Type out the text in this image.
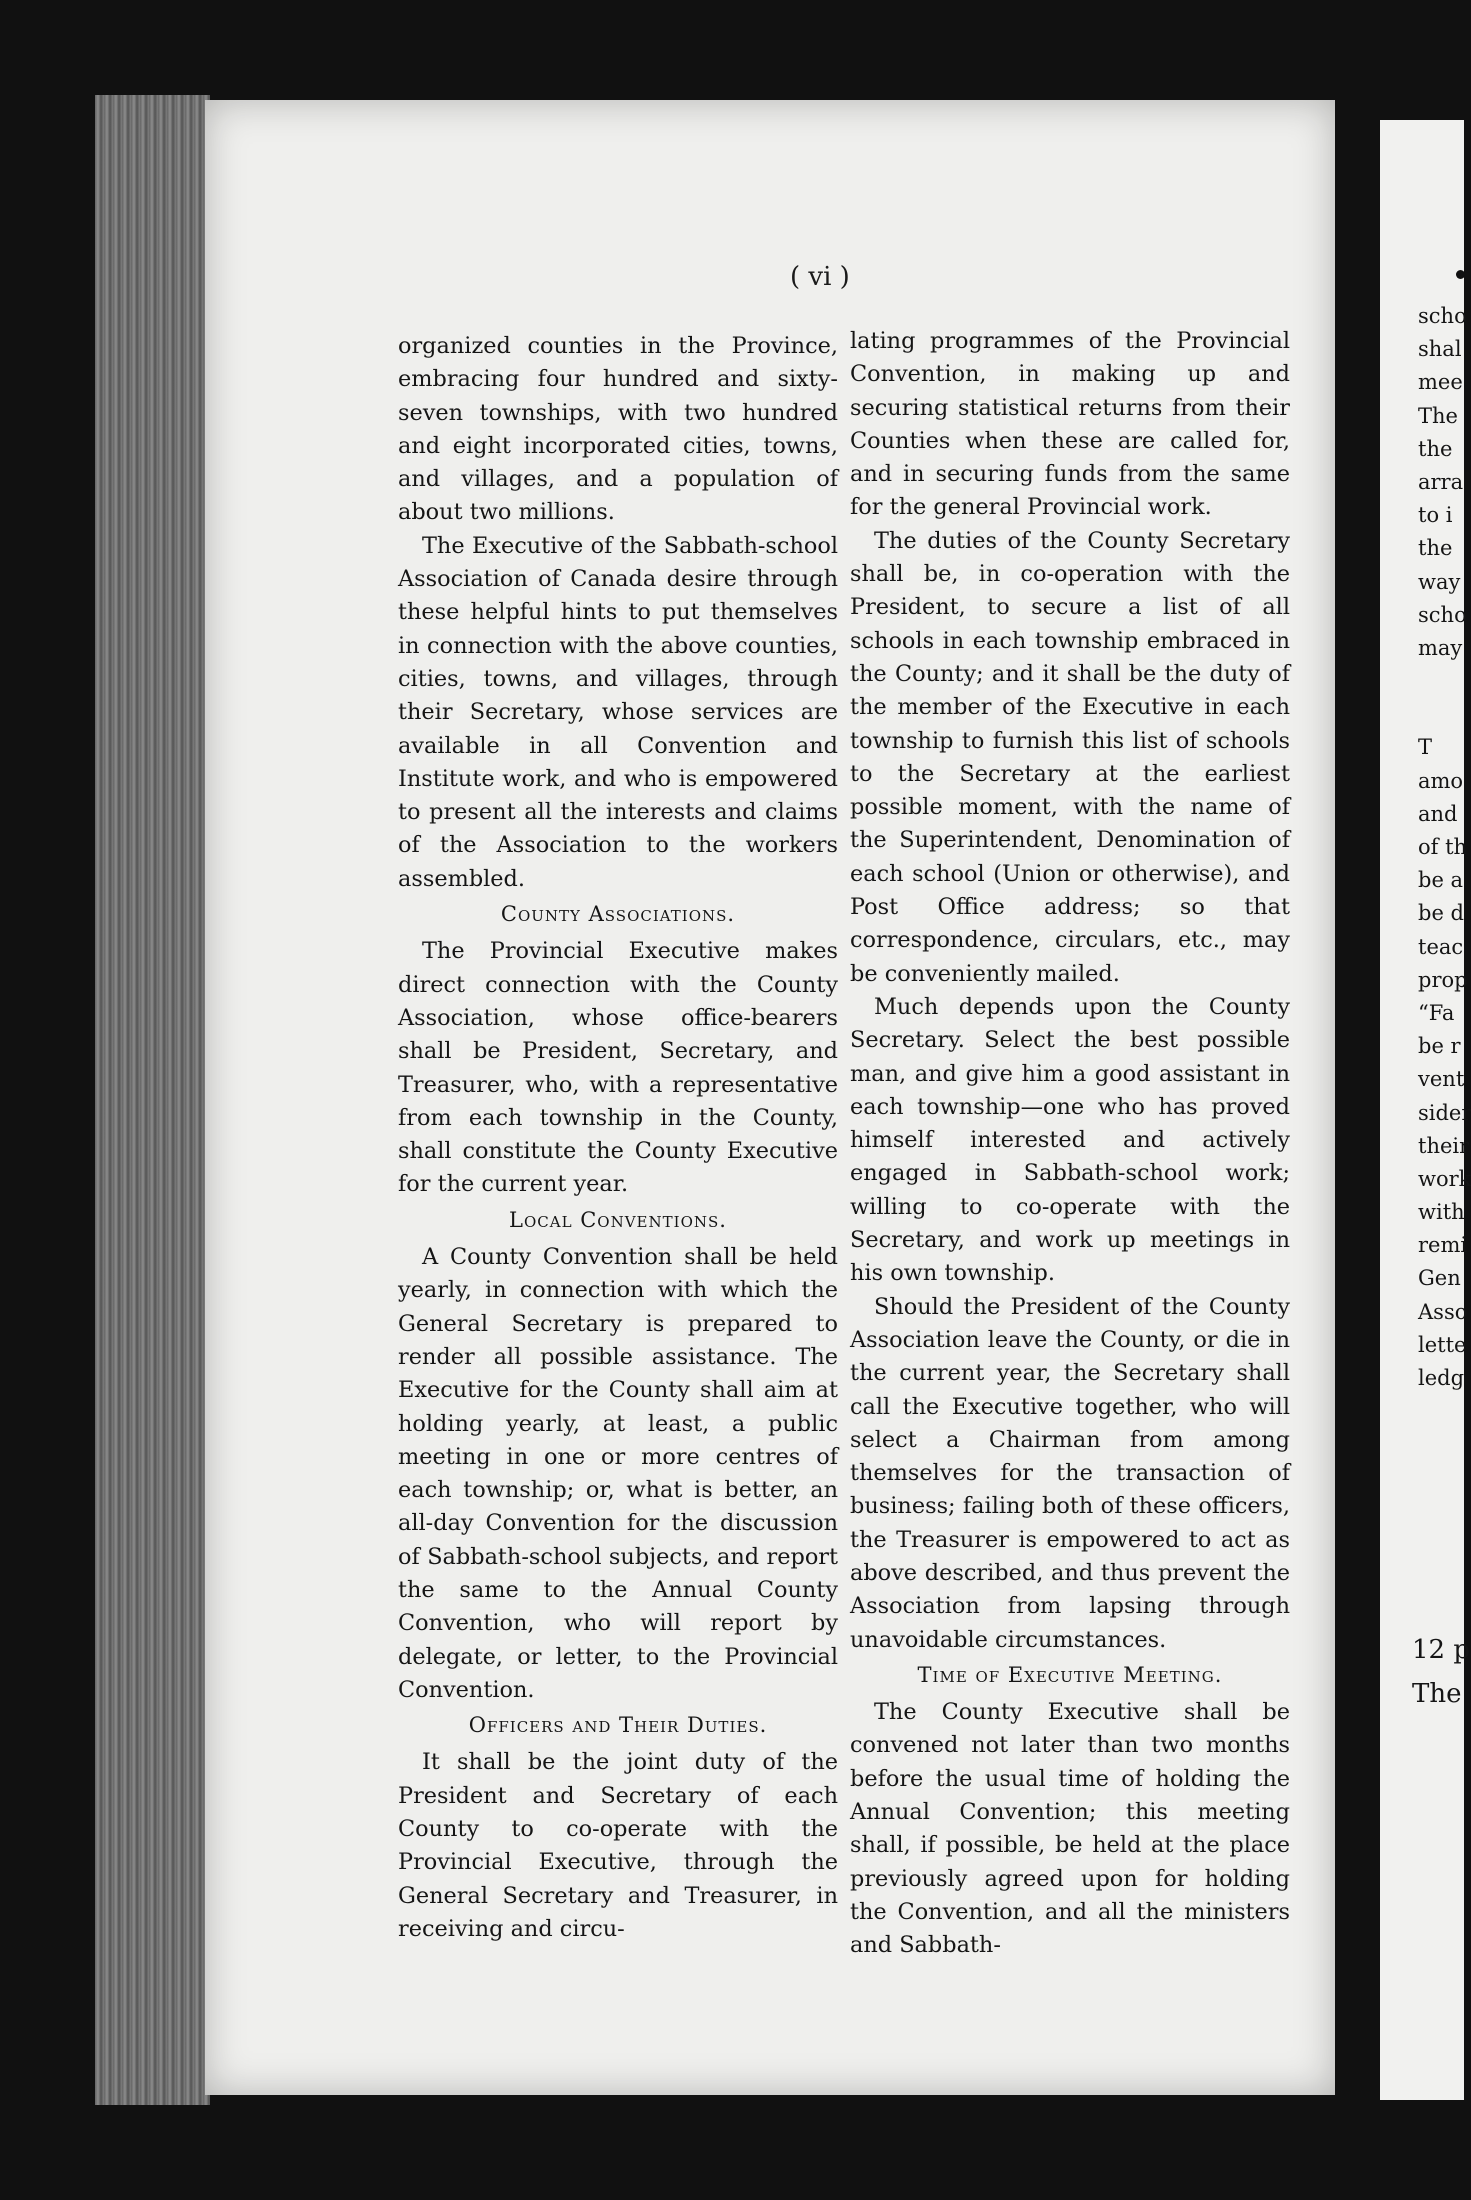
( vi )

organized counties in the Province, embracing four hundred and sixty-seven townships, with two hundred and eight incorporated cities, towns, and villages, and a population of about two millions.

The Executive of the Sabbath-school Association of Canada desire through these helpful hints to put themselves in connection with the above counties, cities, towns, and villages, through their Secretary, whose services are available in all Convention and Institute work, and who is empowered to present all the interests and claims of the Association to the workers assembled.

County Associations.

The Provincial Executive makes direct connection with the County Association, whose office-bearers shall be President, Secretary, and Treasurer, who, with a representative from each township in the County, shall constitute the County Executive for the current year.

Local Conventions.

A County Convention shall be held yearly, in connection with which the General Secretary is prepared to render all possible assistance. The Executive for the County shall aim at holding yearly, at least, a public meeting in one or more centres of each township; or, what is better, an all-day Convention for the discussion of Sabbath-school subjects, and report the same to the Annual County Convention, who will report by delegate, or letter, to the Provincial Convention.

Officers and Their Duties.

It shall be the joint duty of the President and Secretary of each County to co-operate with the Provincial Executive, through the General Secretary and Treasurer, in receiving and circu-

lating programmes of the Provincial Convention, in making up and securing statistical returns from their Counties when these are called for, and in securing funds from the same for the general Provincial work.

The duties of the County Secretary shall be, in co-operation with the President, to secure a list of all schools in each township embraced in the County; and it shall be the duty of the member of the Executive in each township to furnish this list of schools to the Secretary at the earliest possible moment, with the name of the Superintendent, Denomination of each school (Union or otherwise), and Post Office address; so that correspondence, circulars, etc., may be conveniently mailed.

Much depends upon the County Secretary. Select the best possible man, and give him a good assistant in each township—one who has proved himself interested and actively engaged in Sabbath-school work; willing to co-operate with the Secretary, and work up meetings in his own township.

Should the President of the County Association leave the County, or die in the current year, the Secretary shall call the Executive together, who will select a Chairman from among themselves for the transaction of business; failing both of these officers, the Treasurer is empowered to act as above described, and thus prevent the Association from lapsing through unavoidable circumstances.

Time of Executive Meeting.

The County Executive shall be convened not later than two months before the usual time of holding the Annual Convention; this meeting shall, if possible, be held at the place previously agreed upon for holding the Convention, and all the ministers and Sabbath-

scho
shal
mee
The
the
arra
to i
the
way
scho
may
T
amo
and
of th
be a
be d
teac
prop
“Fa
be r
vent
sider
their
work
with
remi
Gen
Asso
lette
ledg
12 p
The
